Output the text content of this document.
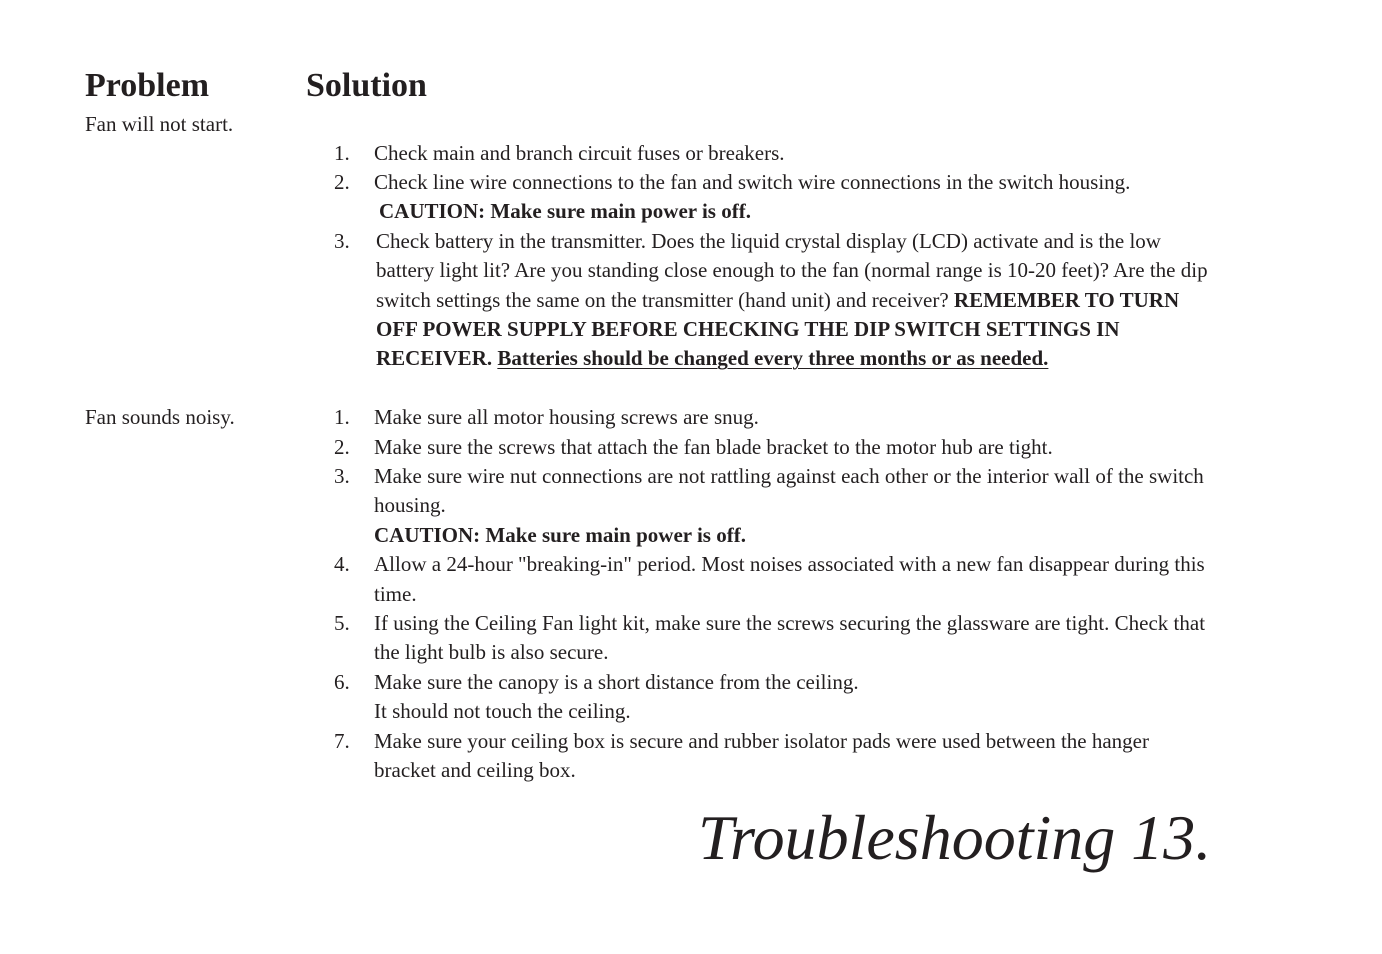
Problem	Solution
Fan will not start.
1. Check main and branch circuit fuses or breakers.
2. Check line wire connections to the fan and switch wire connections in the switch housing.
CAUTION: Make sure main power is off.
3. Check battery in the transmitter. Does the liquid crystal display (LCD) activate and is the low
battery light lit? Are you standing close enough to the fan (normal range is 10-20 feet)? Are the dip
switch settings the same on the transmitter (hand unit) and receiver? REMEMBER TO TURN
OFF POWER SUPPLY BEFORE CHECKING THE DIP SWITCH SETTINGS IN
RECEIVER. Batteries should be changed every three months or as needed.
Fan sounds noisy.	1. Make sure all motor housing screws are snug.
2. Make sure the screws that attach the fan blade bracket to the motor hub are tight.
3. Make sure wire nut connections are not rattling against each other or the interior wall of the switch
housing.
CAUTION: Make sure main power is off.
4. Allow a 24-hour "breaking-in" period. Most noises associated with a new fan disappear during this
time.
5. If using the Ceiling Fan light kit, make sure the screws securing the glassware are tight. Check that
the light bulb is also secure.
6. Make sure the canopy is a short distance from the ceiling.
It should not touch the ceiling.
7. Make sure your ceiling box is secure and rubber isolator pads were used between the hanger
bracket and ceiling box.
Troubleshooting 13.
